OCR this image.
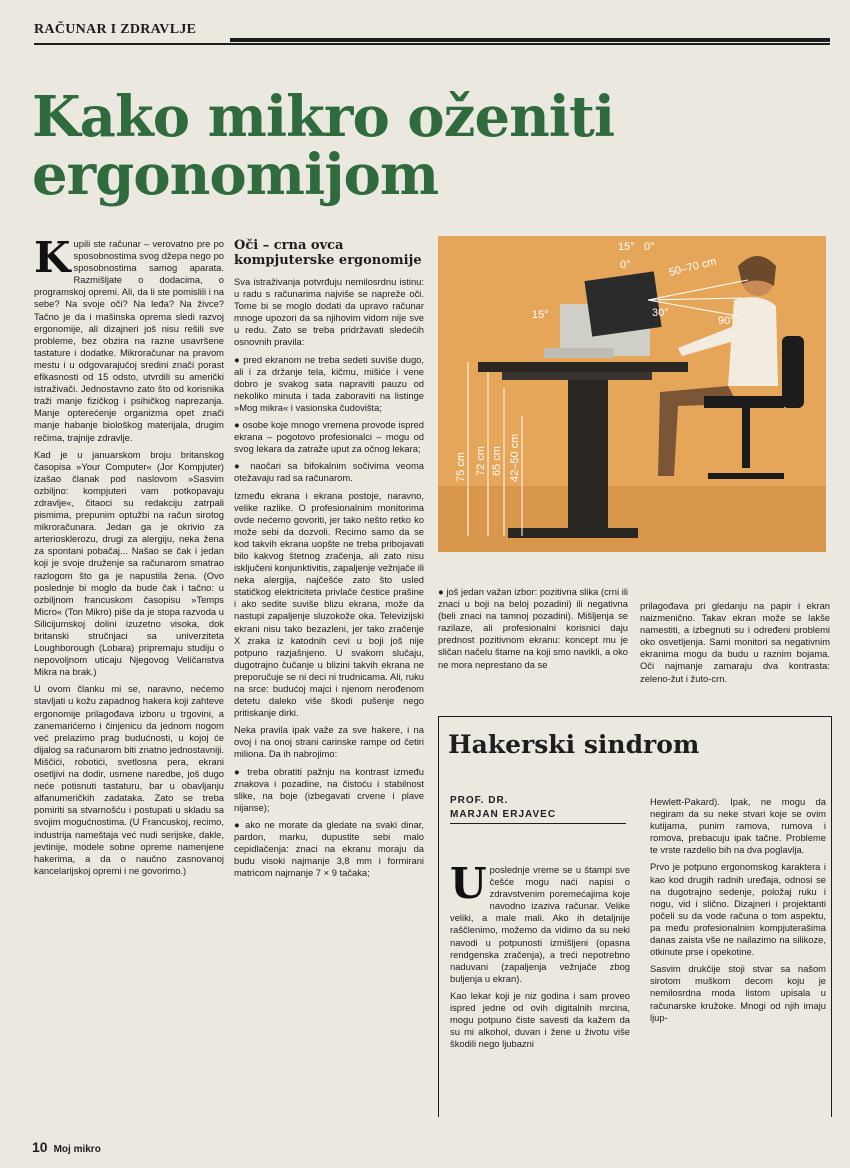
RAČUNAR I ZDRAVLJE
Kako mikro oženiti ergonomijom

Kupili ste računar – verovatno pre po sposobnostima svog džepa nego po sposobnostima samog aparata. Razmišljate o dodacima, o programskoj opremi. Ali, da li ste pomislili i na sebe? Na svoje oči? Na leđa? Na živce? Tačno je da i mašinska oprema sledi razvoj ergonomije, ali dizajneri još nisu rešili sve probleme, bez obzira na razne usavršene tastature i dodatke. Mikroračunar na pravom mestu i u odgovarajućoj sredini znači porast efikasnosti od 15 odsto, utvrdili su američki istraživači. Jednostavno zato što od korisnika traži manje fizičkog i psihičkog naprezanja. Manje opterećenje organizma opet znači manje habanje biološkog materijala, drugim rečima, trajnije zdravlje.

Kad je u januarskom broju britanskog časopisa »Your Computer« (Jor Kompjuter) izašao članak pod naslovom »Sasvim ozbiljno: kompjuteri vam potkopavaju zdravlje«, čitaoci su redakciju zatrpali pismima, prepunim optužbi na račun sirotog mikroračunara. Jedan ga je okrivio za arteriosklerozu, drugi za alergiju, neka žena za spontani pobačaj... Našao se čak i jedan koji je svoje druženje sa računarom smatrao razlogom što ga je napustila žena. (Ovo poslednje bi moglo da bude čak i tačno: u ozbiljnom francuskom časopisu »Temps Micro« (Ton Mikro) piše da je stopa razvoda u Silicijumskoj dolini izuzetno visoka, dok britanski stručnjaci sa univerziteta Loughborough (Lobara) pripremaju studiju o nepovoljnom uticaju Njegovog Veličanstva Mikra na brak.)

U ovom članku mi se, naravno, nećemo stavljati u kožu zapadnog hakera koji zahteve ergonomije prilagođava izboru u trgovini, a zanemarićemo i činjenicu da jednom nogom već prelazimo prag budućnosti, u kojoj će dijalog sa računarom biti znatno jednostavniji. Miščići, robotići, svetlosna pera, ekrani osetljivi na dodir, usmene naredbe, još dugo neće potisnuti tastaturu, bar u obavljanju alfanumeričkih zadataka. Zato se treba pomiriti sa stvarnošću i postupati u skladu sa svojim mogućnostima. (U Francuskoj, recimo, industrija nameštaja već nudi serijske, dakle, jevtinije, modele sobne opreme namenjene hakerima, a da o naučno zasnovanoj kancelarijskoj opremi i ne govorimo.)

Oči – crna ovca kompjuterske ergonomije

Sva istraživanja potvrđuju nemilosrdnu istinu: u radu s računarima najviše se napreže oči. Tome bi se moglo dodati da upravo računar mnoge upozori da sa njihovim vidom nije sve u redu. Zato se treba pridržavati sledećih osnovnih pravila:

● pred ekranom ne treba sedeti suviše dugo, ali i za držanje tela, kičmu, mišiće i vene dobro je svakog sata napraviti pauzu od nekoliko minuta i tada zaboraviti na listinge »Mog mikra« i vasionska čudovišta;

● osobe koje mnogo vremena provode ispred ekrana – pogotovo profesionalci – mogu od svog lekara da zatraže uput za očnog lekara;

● naočari sa bifokalnim sočivima veoma otežavaju rad sa računarom.

Između ekrana i ekrana postoje, naravno, velike razlike. O profesionalnim monitorima ovde nećemo govoriti, jer tako nešto retko ko može sebi da dozvoli. Recimo samo da se kod takvih ekrana uopšte ne treba pribojavati bilo kakvog štetnog zračenja, ali zato nisu isključeni konjunktivitis, zapaljenje vežnjače ili neka alergija, najčešće zato što usled statičkog elektriciteta privlače čestice prašine i ako sedite suviše blizu ekrana, može da nastupi zapaljenje sluzokože oka. Televizijski ekrani nisu tako bezazleni, jer tako zračenje X zraka iz katodnih cevi u boji još nije potpuno razjašnjeno. U svakom slučaju, dugotrajno čučanje u blizini takvih ekrana ne preporučuje se ni deci ni trudnicama. Ali, ruku na srce: budućoj majci i njenom nerođenom detetu daleko više škodi pušenje nego pritiskanje dirki.

Neka pravila ipak važe za sve hakere, i na ovoj i na onoj strani carinske rampe od četiri miliona. Da ih nabrojimo:

● treba obratiti pažnju na kontrast između znakova i pozadine, na čistoću i stabilnost slike, na boje (izbegavati crvene i plave nijanse);

● ako ne morate da gledate na svaki dinar, pardon, marku, dupustite sebi malo cepidlačenja: znaci na ekranu moraju da budu visoki najmanje 3,8 mm i formirani matricom najmanje 7 × 9 tačaka;

15° 0°
0°	50–70 cm
15°	30°
90°
75 cm 72 cm 65 cm 42–50 cm

● još jedan važan izbor: pozitivna slika (crni ili znaci u boji na beloj pozadini) ili negativna (beli znaci na tamnoj pozadini). Mišljenja se razilaze, ali profesionalni korisnici daju prednost pozitivnom ekranu: koncept mu je sličan načelu štame na koji smo navikli, a oko ne mora neprestano da se

prilagođava pri gledanju na papir i ekran naizmenično. Takav ekran može se lakše namestiti, a izbegnuti su i određeni problemi oko osvetljenja. Sami monitori sa negativnim ekranima mogu da budu u raznim bojama. Oči najmanje zamaraju dva kontrasta: zeleno-žut i žuto-crn.

Hakerski sindrom
PROF. DR.
MARJAN ERJAVEC

Uposlednje vreme se u štampi sve češće mogu naći napisi o zdravstvenim poremećajima koje navodno izaziva računar. Velike veliki, a male mali. Ako ih detaljnije raščlenimo, možemo da vidimo da su neki navodi u potpunosti izmišljeni (opasna rendgenska zračenja), a treći nepotrebno naduvani (zapaljenja vežnjače zbog buljenja u ekran).

Kao lekar koji je niz godina i sam proveo ispred jedne od ovih digitalnih mrcina, mogu potpuno čiste savesti da kažem da su mi alkohol, duvan i žene u životu više škodili nego ljubazni

Hewlett-Pakard). Ipak, ne mogu da negiram da su neke stvari koje se ovim kutijama, punim ramova, rumova i romova, prebacuju ipak tačne. Probleme te vrste razdelio bih na dva poglavlja.

Prvo je potpuno ergonomskog karaktera i kao kod drugih radnih uređaja, odnosi se na dugotrajno sedenje, položaj ruku i nogu, vid i slično. Dizajneri i projektanti počeli su da vode računa o tom aspektu, pa među profesionalnim kompjuterašima danas zaista vše ne nailazimo na silikoze, otkinute prse i opekotine.

Sasvim drukčije stoji stvar sa našom sirotom muškom decom koju je nemilosrdna moda listom upisala u računarske kružoke. Mnogi od njih imaju ljup-

10 Moj mikro
